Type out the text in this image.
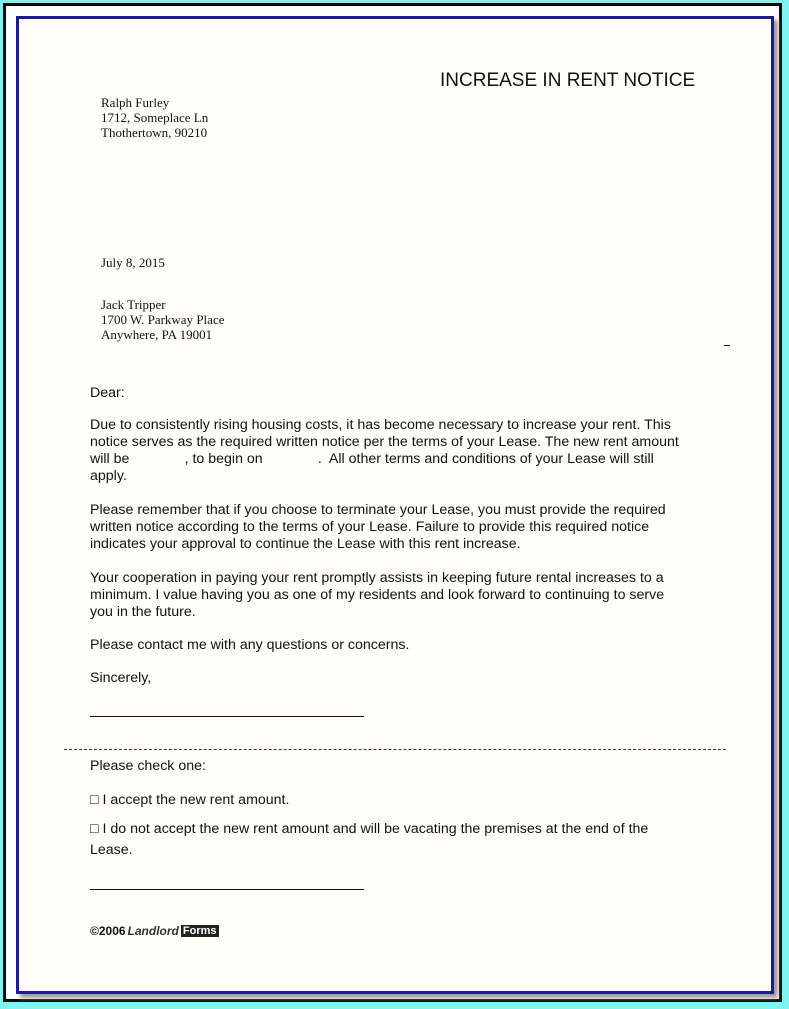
INCREASE IN RENT NOTICE
Ralph Furley
1712, Someplace Ln
Thothertown, 90210
July 8, 2015
Jack Tripper
1700 W. Parkway Place
Anywhere, PA 19001
Dear:
Due to consistently rising housing costs, it has become necessary to increase your rent. This
notice serves as the required written notice per the terms of your Lease. The new rent amount
will be              , to begin on              .  All other terms and conditions of your Lease will still
apply.
Please remember that if you choose to terminate your Lease, you must provide the required
written notice according to the terms of your Lease. Failure to provide this required notice
indicates your approval to continue the Lease with this rent increase.
Your cooperation in paying your rent promptly assists in keeping future rental increases to a
minimum. I value having you as one of my residents and look forward to continuing to serve
you in the future.
Please contact me with any questions or concerns.
Sincerely,
Please check one:
□ I accept the new rent amount.
□ I do not accept the new rent amount and will be vacating the premises at the end of the
Lease.
©2006 Landlord Forms
